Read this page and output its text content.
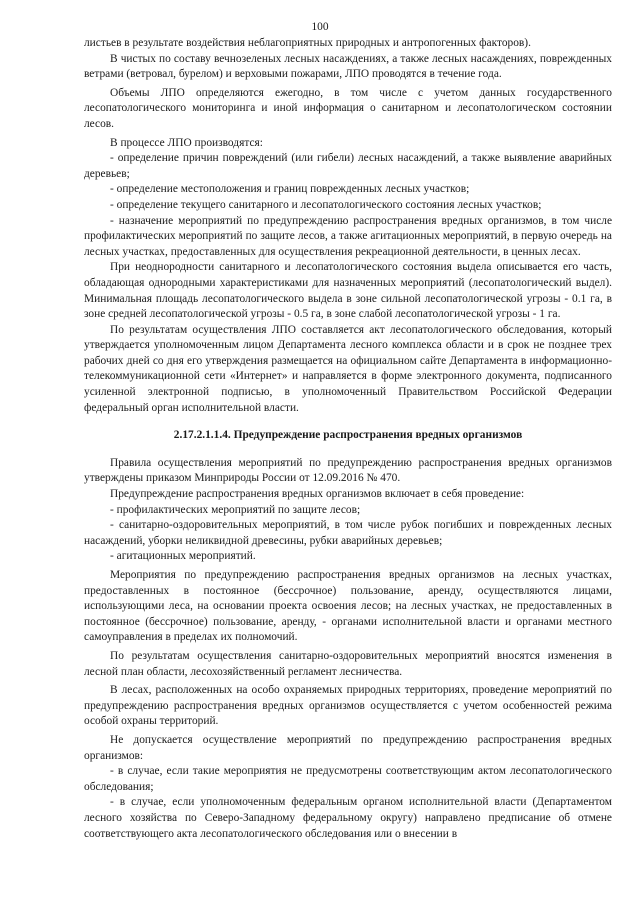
100

листьев в результате воздействия неблагоприятных природных и антропогенных факторов).

В чистых по составу вечнозеленых лесных насаждениях, а также лесных насаждениях, поврежденных ветрами (ветровал, бурелом) и верховыми пожарами, ЛПО проводятся в течение года.

Объемы ЛПО определяются ежегодно, в том числе с учетом данных государственного лесопатологического мониторинга и иной информация о санитарном и лесопатологическом состоянии лесов.

В процессе ЛПО производятся:

- определение причин повреждений (или гибели) лесных насаждений, а также выявление аварийных деревьев;

- определение местоположения и границ поврежденных лесных участков;

- определение текущего санитарного и лесопатологического состояния лесных участков;

- назначение мероприятий по предупреждению распространения вредных организмов, в том числе профилактических мероприятий по защите лесов, а также агитационных мероприятий, в первую очередь на лесных участках, предоставленных для осуществления рекреационной деятельности, в ценных лесах.

При неоднородности санитарного и лесопатологического состояния выдела описывается его часть, обладающая однородными характеристиками для назначенных мероприятий (лесопатологический выдел). Минимальная площадь лесопатологического выдела в зоне сильной лесопатологической угрозы - 0.1 га, в зоне средней лесопатологической угрозы - 0.5 га, в зоне слабой лесопатологической угрозы - 1 га.

По результатам осуществления ЛПО составляется акт лесопатологического обследования, который утверждается уполномоченным лицом Департамента лесного комплекса области и в срок не позднее трех рабочих дней со дня его утверждения размещается на официальном сайте Департамента в информационно-телекоммуникационной сети «Интернет» и направляется в форме электронного документа, подписанного усиленной электронной подписью, в уполномоченный Правительством Российской Федерации федеральный орган исполнительной власти.

2.17.2.1.1.4. Предупреждение распространения вредных организмов

Правила осуществления мероприятий по предупреждению распространения вредных организмов утверждены приказом Минприроды России от 12.09.2016 № 470.

Предупреждение распространения вредных организмов включает в себя проведение:

- профилактических мероприятий по защите лесов;

- санитарно-оздоровительных мероприятий, в том числе рубок погибших и поврежденных лесных насаждений, уборки неликвидной древесины, рубки аварийных деревьев;

- агитационных мероприятий.

Мероприятия по предупреждению распространения вредных организмов на лесных участках, предоставленных в постоянное (бессрочное) пользование, аренду, осуществляются лицами, использующими леса, на основании проекта освоения лесов; на лесных участках, не предоставленных в постоянное (бессрочное) пользование, аренду, - органами исполнительной власти и органами местного самоуправления в пределах их полномочий.

По результатам осуществления санитарно-оздоровительных мероприятий вносятся изменения в лесной план области, лесохозяйственный регламент лесничества.

В лесах, расположенных на особо охраняемых природных территориях, проведение мероприятий по предупреждению распространения вредных организмов осуществляется с учетом особенностей режима особой охраны территорий.

Не допускается осуществление мероприятий по предупреждению распространения вредных организмов:

- в случае, если такие мероприятия не предусмотрены соответствующим актом лесопатологического обследования;

- в случае, если уполномоченным федеральным органом исполнительной власти (Департаментом лесного хозяйства по Северо-Западному федеральному округу) направлено предписание об отмене соответствующего акта лесопатологического обследования или о внесении в
